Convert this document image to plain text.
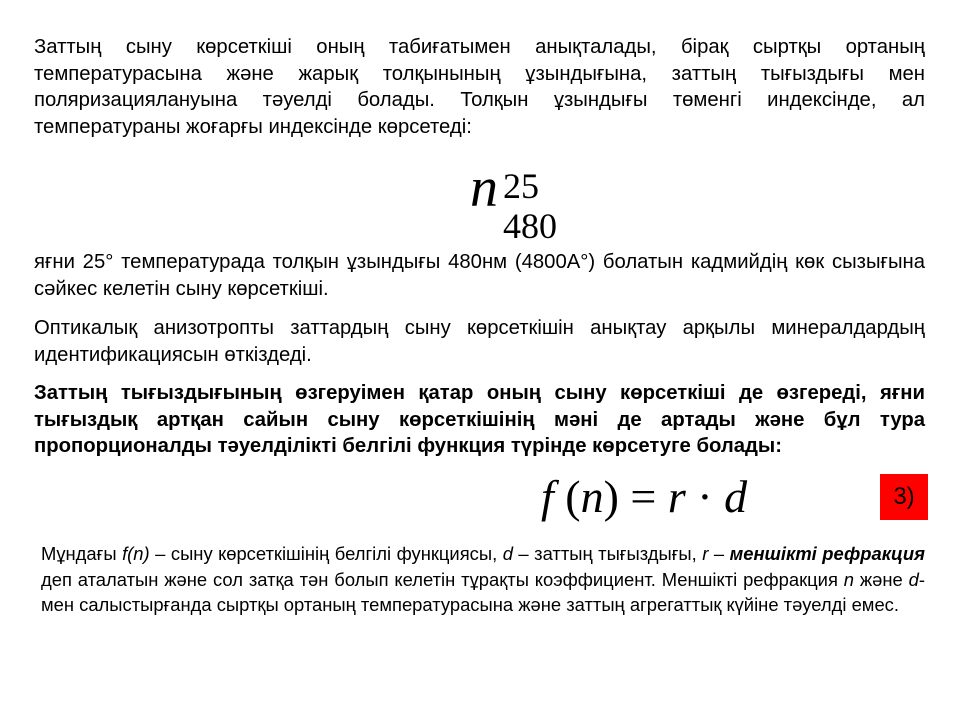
Заттың сыну көрсеткіші оның табиғатымен анықталады, бірақ сыртқы ортаның температурасына және жарық толқынының ұзындығына, заттың тығыздығы мен поляризациялануына тәуелді болады. Толқын ұзындығы төменгі индексінде, ал температураны жоғарғы индексінде көрсетеді:

n 25
480

яғни 25° температурада толқын ұзындығы 480нм (4800А°) болатын кадмийдің көк сызығына сәйкес келетін сыну көрсеткіші.

Оптикалық анизотропты заттардың сыну көрсеткішін анықтау арқылы минералдардың идентификациясын өткіздеді.

Заттың тығыздығының өзгеруімен қатар оның сыну көрсеткіші де өзгереді, яғни тығыздық артқан сайын сыну көрсеткішінің мәні де артады және бұл тура пропорционалды тәуелділікті белгілі функция түрінде көрсетуге болады:

f (n) = r · d	3)

Мұндағы f(n) – сыну көрсеткішінің белгілі функциясы, d – заттың тығыздығы, r – меншікті рефракция деп аталатын және сол затқа тән болып келетін тұрақты коэффициент. Меншікті рефракция n және d-мен салыстырғанда сыртқы ортаның температурасына және заттың агрегаттық күйіне тәуелді емес.
